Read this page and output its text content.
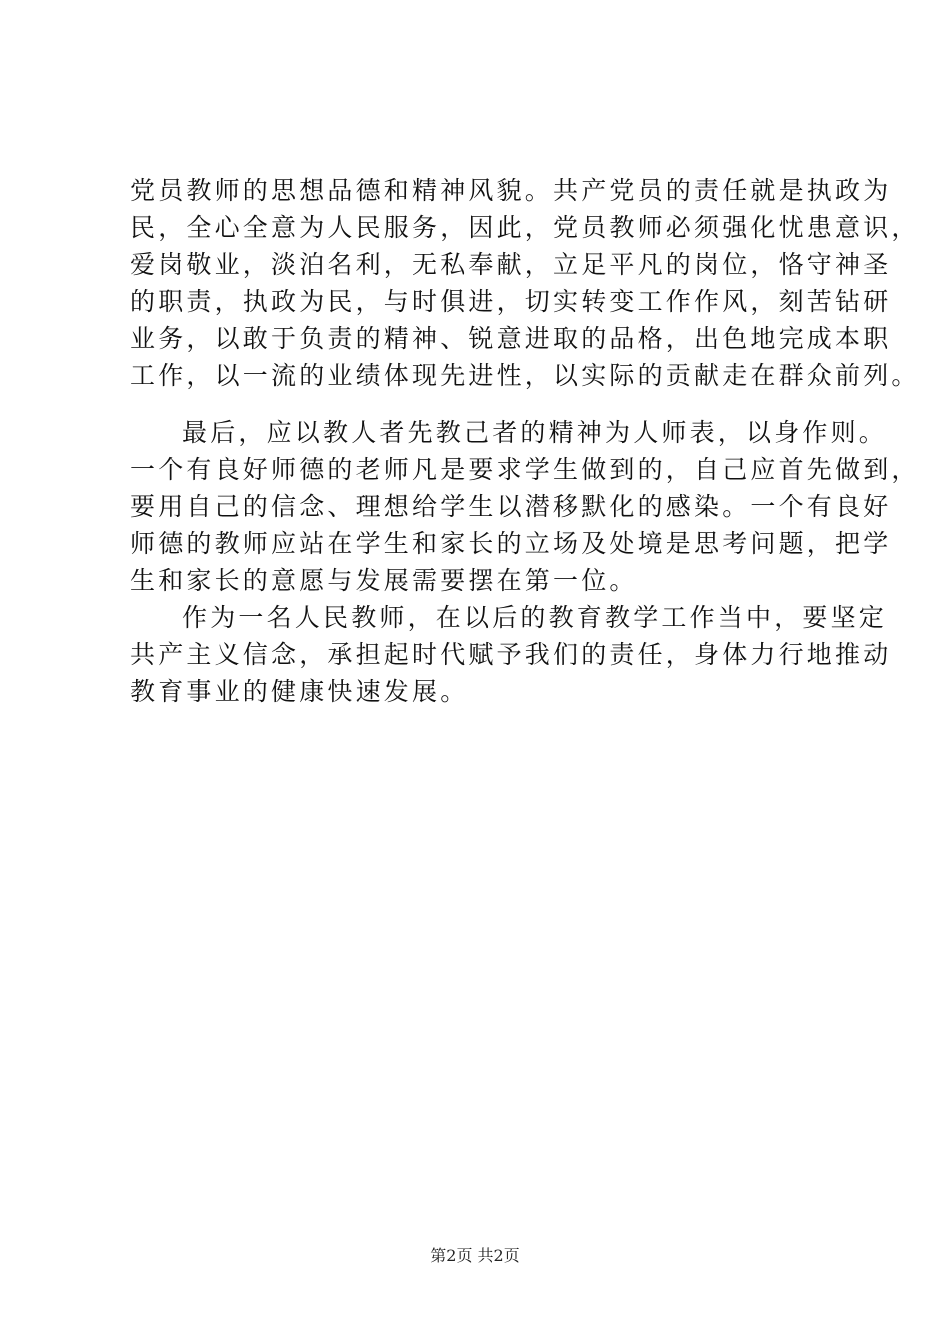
党员教师的思想品德和精神风貌。共产党员的责任就是执政为
民，全心全意为人民服务，因此，党员教师必须强化忧患意识，
爱岗敬业，淡泊名利，无私奉献，立足平凡的岗位，恪守神圣
的职责，执政为民，与时俱进，切实转变工作作风，刻苦钻研
业务，以敢于负责的精神、锐意进取的品格，出色地完成本职
工作，以一流的业绩体现先进性，以实际的贡献走在群众前列。
最后，应以教人者先教己者的精神为人师表，以身作则。
一个有良好师德的老师凡是要求学生做到的，自己应首先做到，
要用自己的信念、理想给学生以潜移默化的感染。一个有良好
师德的教师应站在学生和家长的立场及处境是思考问题，把学
生和家长的意愿与发展需要摆在第一位。
作为一名人民教师，在以后的教育教学工作当中，要坚定
共产主义信念，承担起时代赋予我们的责任，身体力行地推动
教育事业的健康快速发展。
第2页 共2页
